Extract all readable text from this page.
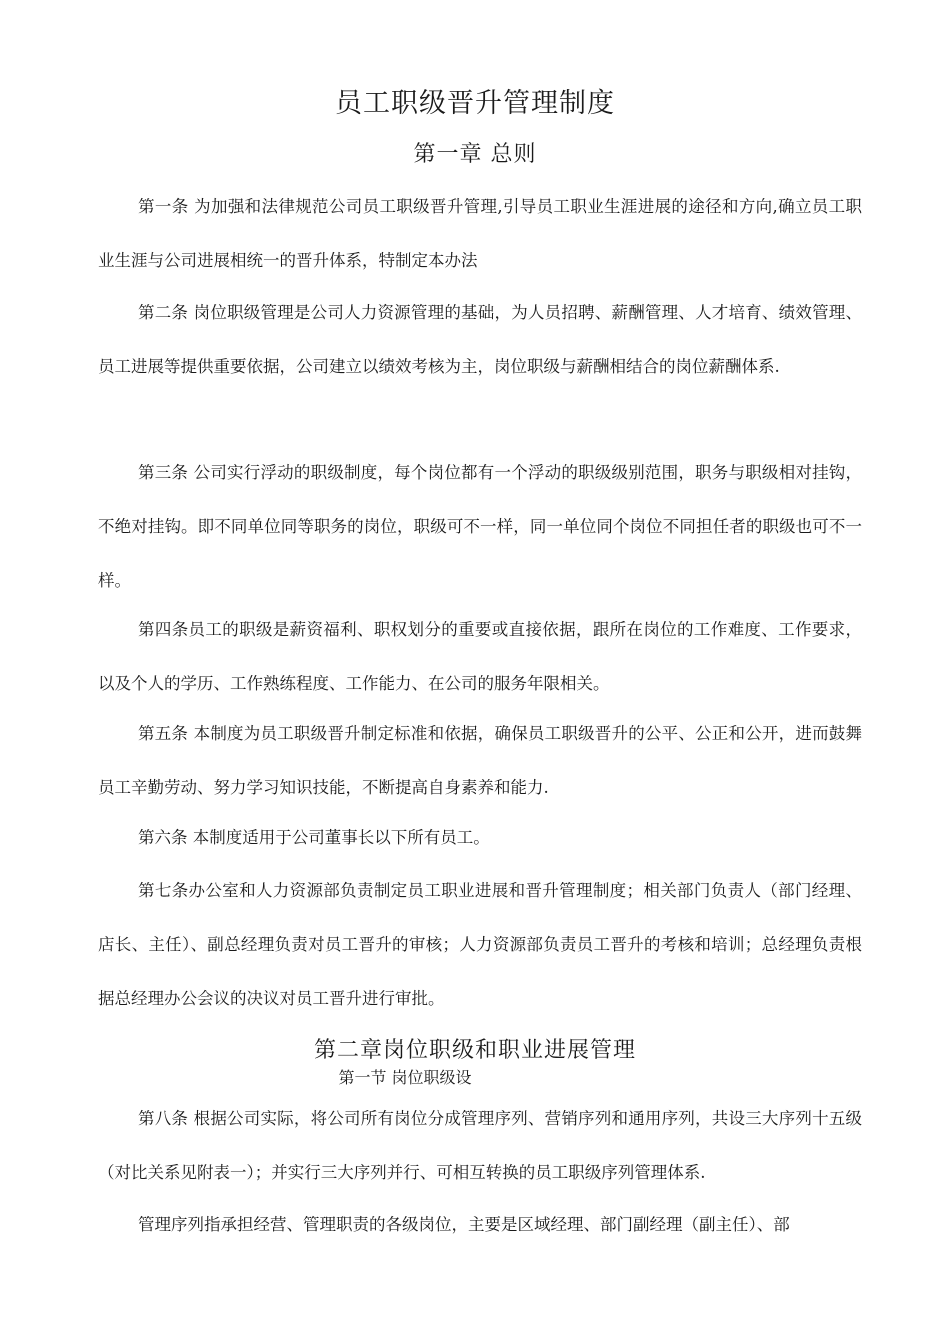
员工职级晋升管理制度
第一章 总则

第一条 为加强和法律规范公司员工职级晋升管理,引导员工职业生涯进展的途径和方向,确立员工职业生涯与公司进展相统一的晋升体系，特制定本办法

第二条 岗位职级管理是公司人力资源管理的基础，为人员招聘、薪酬管理、人才培育、绩效管理、员工进展等提供重要依据，公司建立以绩效考核为主，岗位职级与薪酬相结合的岗位薪酬体系.

第三条 公司实行浮动的职级制度，每个岗位都有一个浮动的职级级别范围，职务与职级相对挂钩，不绝对挂钩。即不同单位同等职务的岗位，职级可不一样，同一单位同个岗位不同担任者的职级也可不一样。

第四条员工的职级是薪资福利、职权划分的重要或直接依据，跟所在岗位的工作难度、工作要求，以及个人的学历、工作熟练程度、工作能力、在公司的服务年限相关。

第五条 本制度为员工职级晋升制定标准和依据，确保员工职级晋升的公平、公正和公开，进而鼓舞员工辛勤劳动、努力学习知识技能，不断提高自身素养和能力.

第六条 本制度适用于公司董事长以下所有员工。

第七条办公室和人力资源部负责制定员工职业进展和晋升管理制度；相关部门负责人（部门经理、店长、主任）、副总经理负责对员工晋升的审核；人力资源部负责员工晋升的考核和培训；总经理负责根据总经理办公会议的决议对员工晋升进行审批。

第二章岗位职级和职业进展管理
第一节 岗位职级设

第八条 根据公司实际，将公司所有岗位分成管理序列、营销序列和通用序列，共设三大序列十五级（对比关系见附表一）；并实行三大序列并行、可相互转换的员工职级序列管理体系.

管理序列指承担经营、管理职责的各级岗位，主要是区域经理、部门副经理（副主任）、部
